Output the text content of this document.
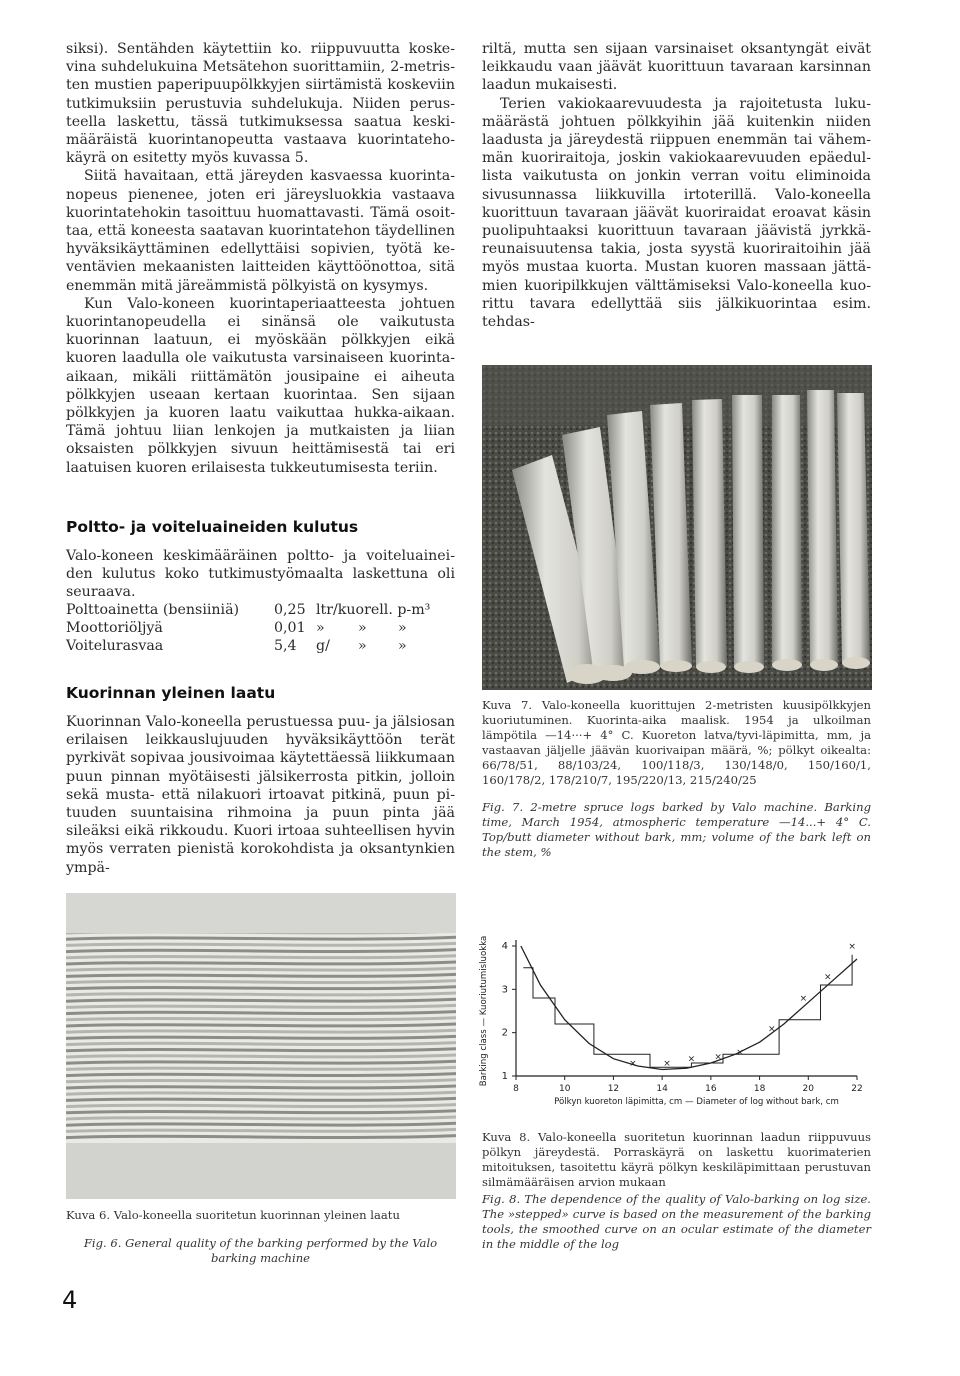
siksi). Sentähden käytettiin ko. riippuvuutta koskevina suhdelukuina Metsätehon suorittamiin, 2-metristen mustien paperipuupölkkyjen siirtämistä koskeviin tutkimuksiin perustuvia suhdelukuja. Niiden perusteella laskettu, tässä tutkimuksessa saatua keskimääräistä kuorintanopeutta vastaava kuorintatehokäyrä on esitetty myös kuvassa 5.

Siitä havaitaan, että järeyden kasvaessa kuorintanopeus pienenee, joten eri järeysluokkia vastaava kuorintatehokin tasoittuu huomattavasti. Tämä osoittaa, että koneesta saatavan kuorintatehon täydellinen hyväksikäyttäminen edellyttäisi sopivien, työtä keventävien mekaanisten laitteiden käyttöönottoa, sitä enemmän mitä järeämmistä pölkyistä on kysymys.

Kun Valo-koneen kuorintaperiaatteesta johtuen kuorintanopeudella ei sinänsä ole vaikutusta kuorinnan laatuun, ei myöskään pölkkyjen eikä kuoren laadulla ole vaikutusta varsinaiseen kuorinta-aikaan, mikäli riittämätön jousipaine ei aiheuta pölkkyjen useaan kertaan kuorintaa. Sen sijaan pölkkyjen ja kuoren laatu vaikuttaa hukka-aikaan. Tämä johtuu liian lenkojen ja mutkaisten ja liian oksaisten pölkkyjen sivuun heittämisestä tai eri laatuisen kuoren erilaisesta tukkeutumisesta teriin.

riltä, mutta sen sijaan varsinaiset oksantyngät eivät leikkaudu vaan jäävät kuorittuun tavaraan karsinnan laadun mukaisesti.

Terien vakiokaarevuudesta ja rajoitetusta lukumäärästä johtuen pölkkyihin jää kuitenkin niiden laadusta ja järeydestä riippuen enemmän tai vähemmän kuoriraitoja, joskin vakiokaarevuuden epäedullista vaikutusta on jonkin verran voitu eliminoida sivusunnassa liikkuvilla irtoterillä. Valo-koneella kuorittuun tavaraan jäävät kuoriraidat eroavat käsin puolipuhtaaksi kuorittuun tavaraan jäävistä jyrkkäreunaisuutensa takia, josta syystä kuoriraitoihin jää myös mustaa kuorta. Mustan kuoren massaan jättämien kuoripilkkujen välttämiseksi Valo-koneella kuorittu tavara edellyttää siis jälkikuorintaa esim. tehdas-

Kuva 7. Valo-koneella kuorittujen 2-metristen kuusipölkkyjen kuoriutuminen. Kuorinta-aika maalisk. 1954 ja ulkoilman lämpötila —14···+ 4° C. Kuoreton latva/tyvi-läpimitta, mm, ja vastaavan jäljelle jäävän kuorivaipan määrä, %; pölkyt oikealta: 66/78/51, 88/103/24, 100/118/3, 130/148/0, 150/160/1, 160/178/2, 178/210/7, 195/220/13, 215/240/25
Fig. 7. 2-metre spruce logs barked by Valo machine. Barking time, March 1954, atmospheric temperature —14...+ 4° C. Top/butt diameter without bark, mm; volume of the bark left on the stem, %
Poltto- ja voiteluaineiden kulutus

Valo-koneen keskimääräinen poltto- ja voiteluaineiden kulutus koko tutkimustyömaalta laskettuna oli seuraava.

Polttoainetta (bensiiniä)	0,25	ltr/kuorell. p-m³		
Moottoriöljyä	0,01	»	»	»
Voitelurasvaa	5,4	g/	»	»
Kuorinnan yleinen laatu

Kuorinnan Valo-koneella perustuessa puu- ja jälsiosan erilaisen leikkauslujuuden hyväksikäyttöön terät pyrkivät sopivaa jousivoimaa käytettäessä liikkumaan puun pinnan myötäisesti jälsikerrosta pitkin, jolloin sekä musta- että nilakuori irtoavat pitkinä, puun pituuden suuntaisina rihmoina ja puun pinta jää sileäksi eikä rikkoudu. Kuori irtoaa suhteellisen hyvin myös verraten pienistä korokohdista ja oksantynkien ympä-

Kuva 6. Valo-koneella suoritetun kuorinnan yleinen laatu
Fig. 6. General quality of the barking performed by the Valo barking machine
×	× × × ×
×
×
×
×
8	10	12	14	16	18	20	22
1
2
3
4
Pölkyn kuoreton läpimitta, cm — Diameter of log without bark, cm
Barking class — Kuoriutumisluokka
Kuva 8. Valo-koneella suoritetun kuorinnan laadun riippuvuus pölkyn järeydestä. Porraskäyrä on laskettu kuorimaterien mitoituksen, tasoitettu käyrä pölkyn keskiläpimittaan perustuvan silmämääräisen arvion mukaan
Fig. 8. The dependence of the quality of Valo-barking on log size. The »stepped» curve is based on the measurement of the barking tools, the smoothed curve on an ocular estimate of the diameter in the middle of the log
4
